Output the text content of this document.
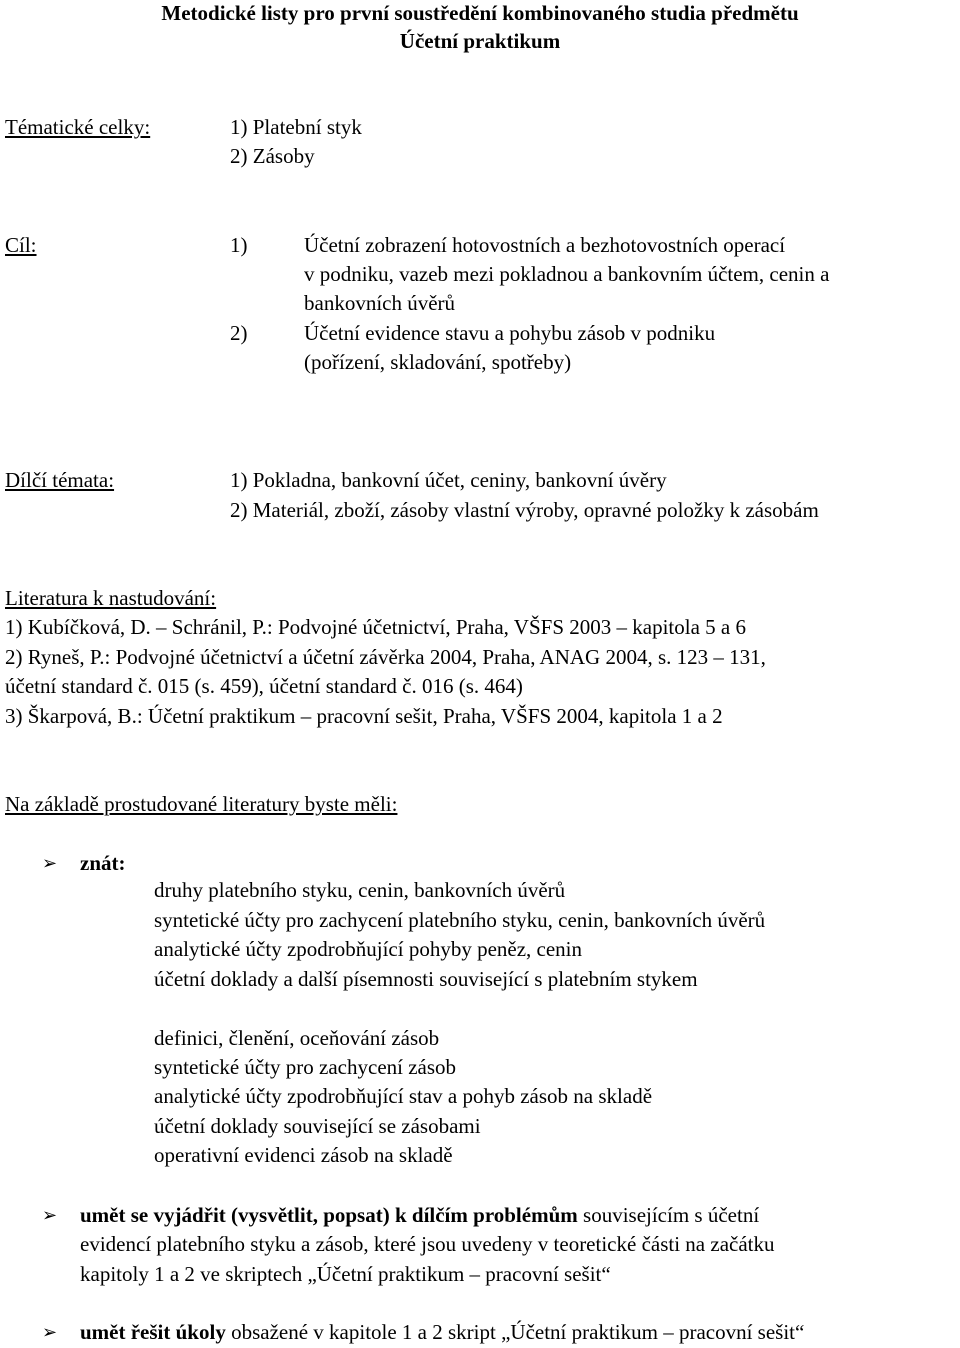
Metodické listy pro první soustředění kombinovaného studia předmětu
Účetní praktikum
Tématické celky:	1) Platební styk
2) Zásoby
Cíl:	1)	Účetní zobrazení hotovostních a bezhotovostních operací
v podniku, vazeb mezi pokladnou a bankovním účtem, cenin a
bankovních úvěrů
2)	Účetní evidence stavu a pohybu zásob v podniku
(pořízení, skladování, spotřeby)
Dílčí témata:	1) Pokladna, bankovní účet, ceniny, bankovní úvěry
2) Materiál, zboží, zásoby vlastní výroby, opravné položky k zásobám
Literatura k nastudování:
1) Kubíčková, D. – Schránil, P.: Podvojné účetnictví, Praha, VŠFS 2003 – kapitola 5 a 6
2) Ryneš, P.: Podvojné účetnictví a účetní závěrka 2004, Praha, ANAG 2004, s. 123 – 131,
účetní standard č. 015 (s. 459), účetní standard č. 016 (s. 464)
3) Škarpová, B.: Účetní praktikum – pracovní sešit, Praha, VŠFS 2004, kapitola 1 a 2
Na základě prostudované literatury byste měli:
➢ znát:
druhy platebního styku, cenin, bankovních úvěrů
syntetické účty pro zachycení platebního styku, cenin, bankovních úvěrů
analytické účty zpodrobňující pohyby peněz, cenin
účetní doklady a další písemnosti související s platebním stykem
definici, členění, oceňování zásob
syntetické účty pro zachycení zásob
analytické účty zpodrobňující stav a pohyb zásob na skladě
účetní doklady související se zásobami
operativní evidenci zásob na skladě
➢ umět se vyjádřit (vysvětlit, popsat) k dílčím problémům souvisejícím s účetní
evidencí platebního styku a zásob, které jsou uvedeny v teoretické části na začátku
kapitoly 1 a 2 ve skriptech „Účetní praktikum – pracovní sešit“
➢ umět řešit úkoly obsažené v kapitole 1 a 2 skript „Účetní praktikum – pracovní sešit“
